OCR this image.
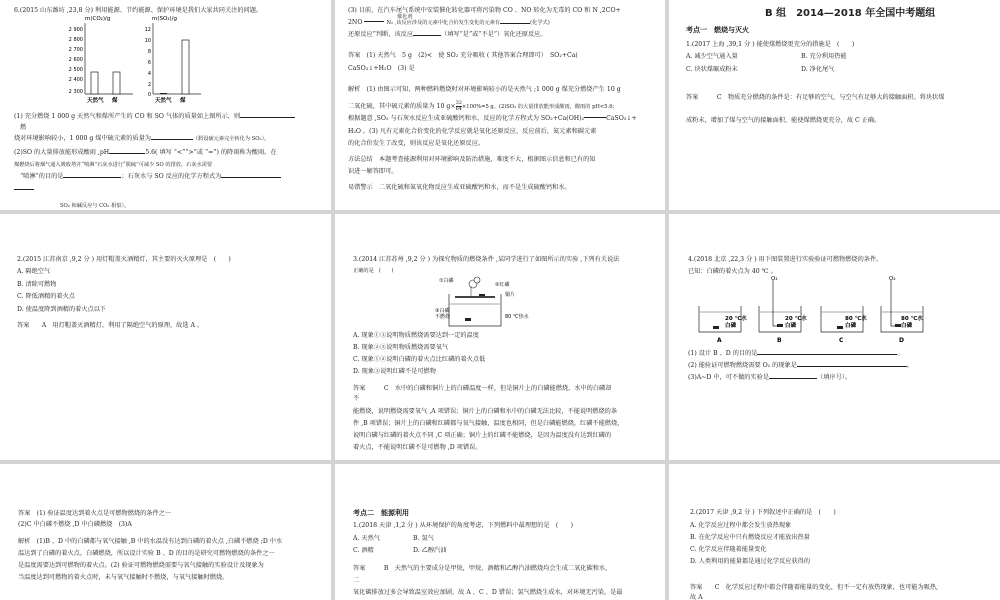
6.(2015 山东潍坊 ,23,8 分) 利用能源、节约能源、保护环境是我们大家共同关注的问题。
m(CO₂)/g	m(SO₂)/g
2 900
2 800
2 700
2 600
2 500
2 400
2 300
天然气 煤
12
10
8
6
4
2
0
天然气 煤
(1) 充分燃烧 1 000 g 天然气和煤所产生的 CO 和 SO 气体的质量如上图所示，则
燃
烧对环境影响较小，1 000 g 煤中硫元素的质量为	（假设硫元素完全转化为 SO₂）。
(2)SO 的大量排放能形成酸雨 ,pH	5.6( 填写 “<”“>”或 “=”) 的降雨称为酸雨。在
煤燃烧后将烟气通入吸收塔并“喷淋”石灰水进行“脱硫”可减少 SO 的排放，石灰水需要
“喷淋”的目的是	；石灰水与 SO 反应的化学方程式为
SO₂ 和碱反应与 CO₂ 相似）。
(3) 目前，在汽车尾气系统中安装催化转化器可将污染物 CO 、NO 转化为无毒的 CO 和 N ,2CO+
催化剂
2NO	N₂ ,该反应涉及的元素中化合价发生变化的元素有	(化学式)
还原反应”判断，该反应	（填写“是”或“不是”）氧化还原反应。
答案　(1) 天然气　5 g　(2)<　使 SO₂ 充分吸收 ( 其他答案合理即可）　SO₂+Ca(
CaSO₃↓+H₂O　(3) 是
解析　(1) 由图示可知，两种燃料燃烧时对环境影响较小的是天然气 ;1 000 g 煤充分燃烧产生 10 g
二氧化硫，其中硫元素的质量为 10 $g\times \frac{32}{64} \times 100\%=5$ g。(2)SO₂ 的大量排放能形成酸雨，酸雨的 pH<5.6;
根据题意 ,SO₂ 与石灰水反应生成亚硫酸钙和水，反应的化学方程式为 SO₂+Ca(OH)₂	CaSO₃↓+
H₂O 。(3) 凡有元素化合价变化的化学反应就是氧化还原反应，反应前后，氮元素和碳元素
的化合价发生了改变，则该反应是氧化还原反应。
方法总结　本题考查能源利用对环境影响及防治措施，难度不大，根据图示信息和已有的知
识进一解答即可。
易错警示　二氧化硫和氮氧化物反应生成亚硫酸钙和水，而不是生成硫酸钙和水。
B 组　2014—2018 年全国中考题组
考点一　燃烧与灭火
1.(2017 上海 ,39,1 分 ) 能使煤燃烧更充分的措施是　(　　)
A. 减少空气通入量	B. 充分利用热能
C. 块状煤碾成粉末	D. 净化尾气
答案　　　C　物质充分燃烧的条件是：有足够的空气，与空气有足够大的接触面积。将块状煤
成粉末，增加了煤与空气的接触面积，能使煤燃烧更充分，故 C 正确。
2.(2015 江苏南京 ,9,2 分 ) 用灯帽盖灭酒精灯，其主要的灭火原理是　(　　)
A. 隔绝空气
B. 清除可燃物
C. 降低酒精的着火点
D. 使温度降到酒精的着火点以下
答案　　A　用灯帽盖灭酒精灯，利用了隔绝空气的原理，故选 A 。
3.(2014 江苏苏州 ,9,2 分 ) 为探究物质的燃烧条件 ,某同学进行了如图所示的实验 ,下列有关说法
正确的是　(　　)
①白磷
②红磷
铜片
③白磷
不燃烧	80 ℃热水
A. 现象①③说明物质燃烧需要达到一定的温度
B. 现象②③说明物质燃烧需要氧气
C. 现象①②说明白磷的着火点比红磷的着火点低
D. 现象③说明红磷不是可燃物
答案　　　C　水中的白磷和铜片上的白磷温度一样，但是铜片上的白磷能燃烧，水中的白磷却
不
能燃烧，说明燃烧需要氧气 ,A 项错误；铜片上的白磷和水中的白磷无法比较，不能说明燃烧的条
件 ,B 项错误；铜片上的白磷和红磷都与氧气接触，温度也相同，但是白磷能燃烧，红磷不能燃烧，
说明白磷与红磷的着火点不同 ,C 项正确；铜片上的红磷不能燃烧，是因为温度没有达到红磷的
着火点，不能说明红磷不是可燃物 ,D 项错误。
4.(2018 北京 ,22,3 分 ) 用下图装置进行实验验证可燃物燃烧的条件。
已知：白磷的着火点为 40 ℃ 。
20 ℃水
白磷
A
O₂
20 ℃水
白磷
B
80 ℃水
白磷
C
O₂
80 ℃水
白磷
D
(1) 设计 B 、D 的目的是	。
(2) 能验证可燃物燃烧需要 O₂ 的现象是	。
(3)A~D 中，可不做的实验是	（填序号）。
答案　(1) 验证温度达到着火点是可燃物燃烧的条件之一
(2)C 中白磷不燃烧 ,D 中白磷燃烧　(3)A
解析　(1)B 、D 中的白磷都与氧气接触 ,B 中的水温没有达到白磷的着火点 ,白磷不燃烧 ;D 中水
温达到了白磷的着火点，白磷燃烧，所以设计实验 B 、D 的目的是研究可燃物燃烧的条件之一
是温度需要达到可燃物的着火点。(2) 验证可燃物燃烧需要与氧气接触的实验设计及现象为
当温度达到可燃物的着火点时，未与氧气接触时不燃烧，与氧气接触时燃烧。
考点二　能源利用
1.(2018 天津 ,1,2 分 ) 从环境保护的角度考虑，下列燃料中最理想的是　(　　)
A. 天然气	B. 氢气
C. 酒精	D. 乙醇汽油
答案　　　B　天然气的主要成分是甲烷，甲烷、酒精和乙醇汽油燃烧均会生成二氧化碳和水，
二
氧化碳排放过多会导致温室效应加剧，故 A 、C 、D 错误；氢气燃烧生成水，对环境无污染，是最
2.(2017 天津 ,9,2 分 ) 下列叙述中正确的是　(　　)
A. 化学反应过程中都会发生放热现象
B. 在化学反应中只有燃烧反应才能放出热量
C. 化学反应伴随着能量变化
D. 人类利用的能量都是通过化学反应获得的
答案　　C　化学反应过程中都会伴随着能量的变化，但不一定有放热现象，也可能为吸热,
故 A
